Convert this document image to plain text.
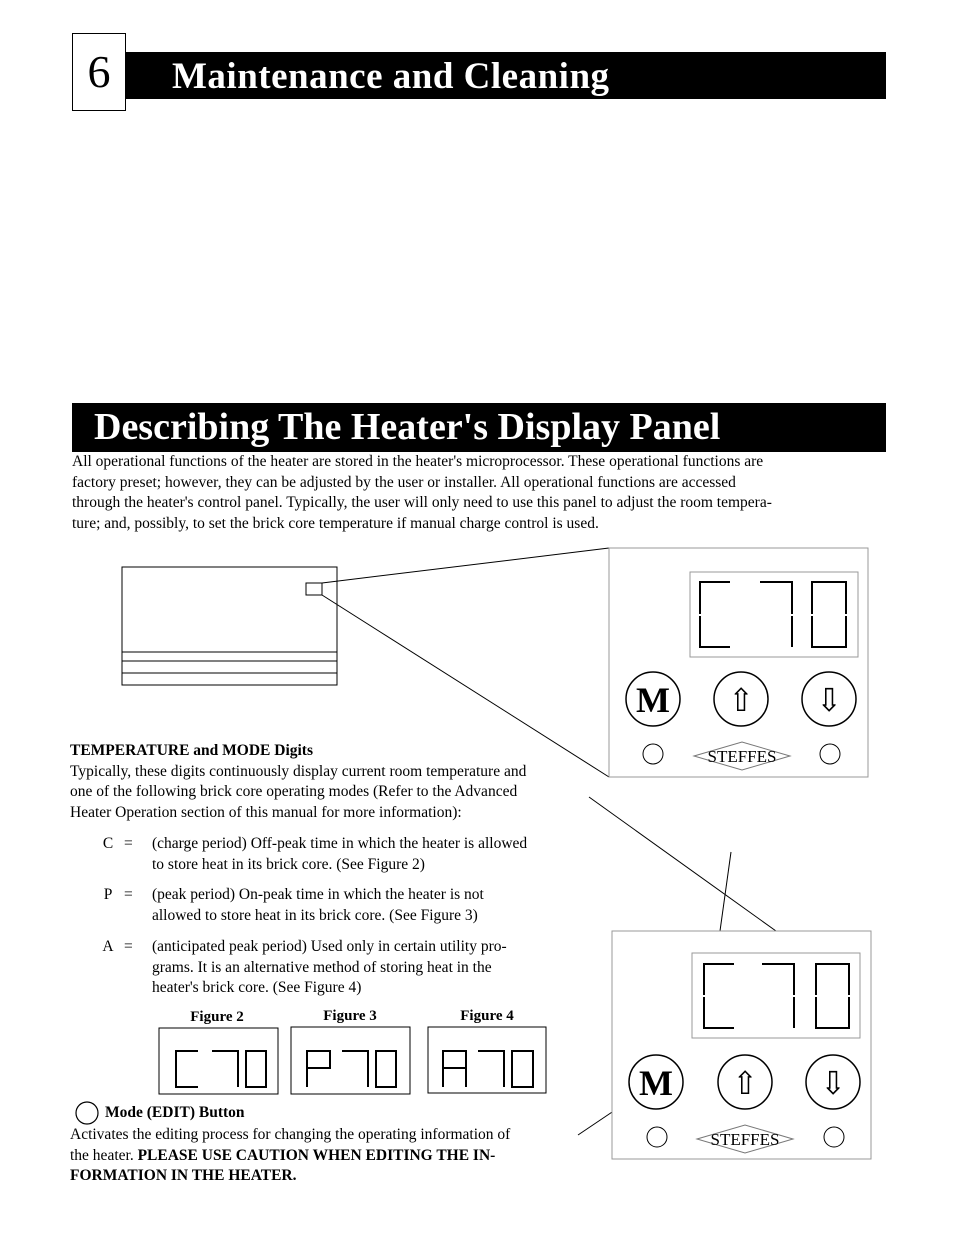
6	Maintenance and Cleaning
Describing The Heater's Display Panel

All operational functions of the heater are stored in the heater's microprocessor. These operational functions are

factory preset; however, they can be adjusted by the user or installer. All operational functions are accessed

through the heater's control panel. Typically, the user will only need to use this panel to adjust the room tempera-

ture; and, possibly, to set the brick core temperature if manual charge control is used.

M ⇧ ⇩
STEFFES
M ⇧ ⇩
STEFFES
Figure 2	Figure 3	Figure 4
TEMPERATURE and MODE Digits
Typically, these digits continuously display current room temperature and
one of the following brick core operating modes (Refer to the Advanced
Heater Operation section of this manual for more information):
C =	(charge period) Off-peak time in which the heater is allowed
to store heat in its brick core. (See Figure 2)
P =	(peak period) On-peak time in which the heater is not
allowed to store heat in its brick core. (See Figure 3)
A =	(anticipated peak period) Used only in certain utility pro-
grams. It is an alternative method of storing heat in the
heater's brick core. (See Figure 4)
Mode (EDIT) Button
Activates the editing process for changing the operating information of
the heater. PLEASE USE CAUTION WHEN EDITING THE IN-
FORMATION IN THE HEATER.
